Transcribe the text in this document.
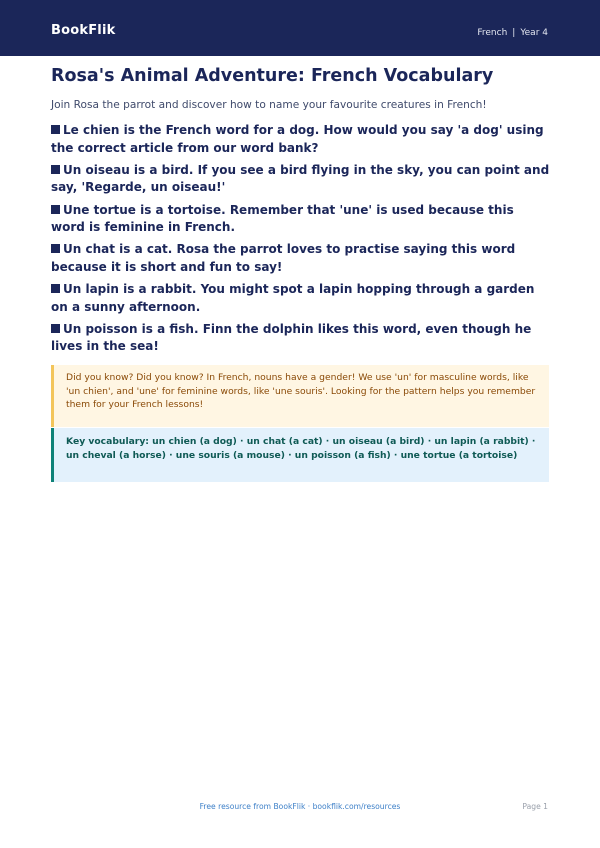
BookFlik	French | Year 4
Rosa's Animal Adventure: French Vocabulary
Join Rosa the parrot and discover how to name your favourite creatures in French!
Le chien is the French word for a dog. How would you say 'a dog' using the correct article from our word bank?
Un oiseau is a bird. If you see a bird flying in the sky, you can point and say, 'Regarde, un oiseau!'
Une tortue is a tortoise. Remember that 'une' is used because this word is feminine in French.
Un chat is a cat. Rosa the parrot loves to practise saying this word because it is short and fun to say!
Un lapin is a rabbit. You might spot a lapin hopping through a garden on a sunny afternoon.
Un poisson is a fish. Finn the dolphin likes this word, even though he lives in the sea!
Did you know? Did you know? In French, nouns have a gender! We use 'un' for masculine words, like 'un chien', and 'une' for feminine words, like 'une souris'. Looking for the pattern helps you remember them for your French lessons!
Key vocabulary: un chien (a dog) · un chat (a cat) · un oiseau (a bird) · un lapin (a rabbit) · un cheval (a horse) · une souris (a mouse) · un poisson (a fish) · une tortue (a tortoise)
Free resource from BookFlik · bookflik.com/resources	Page 1
